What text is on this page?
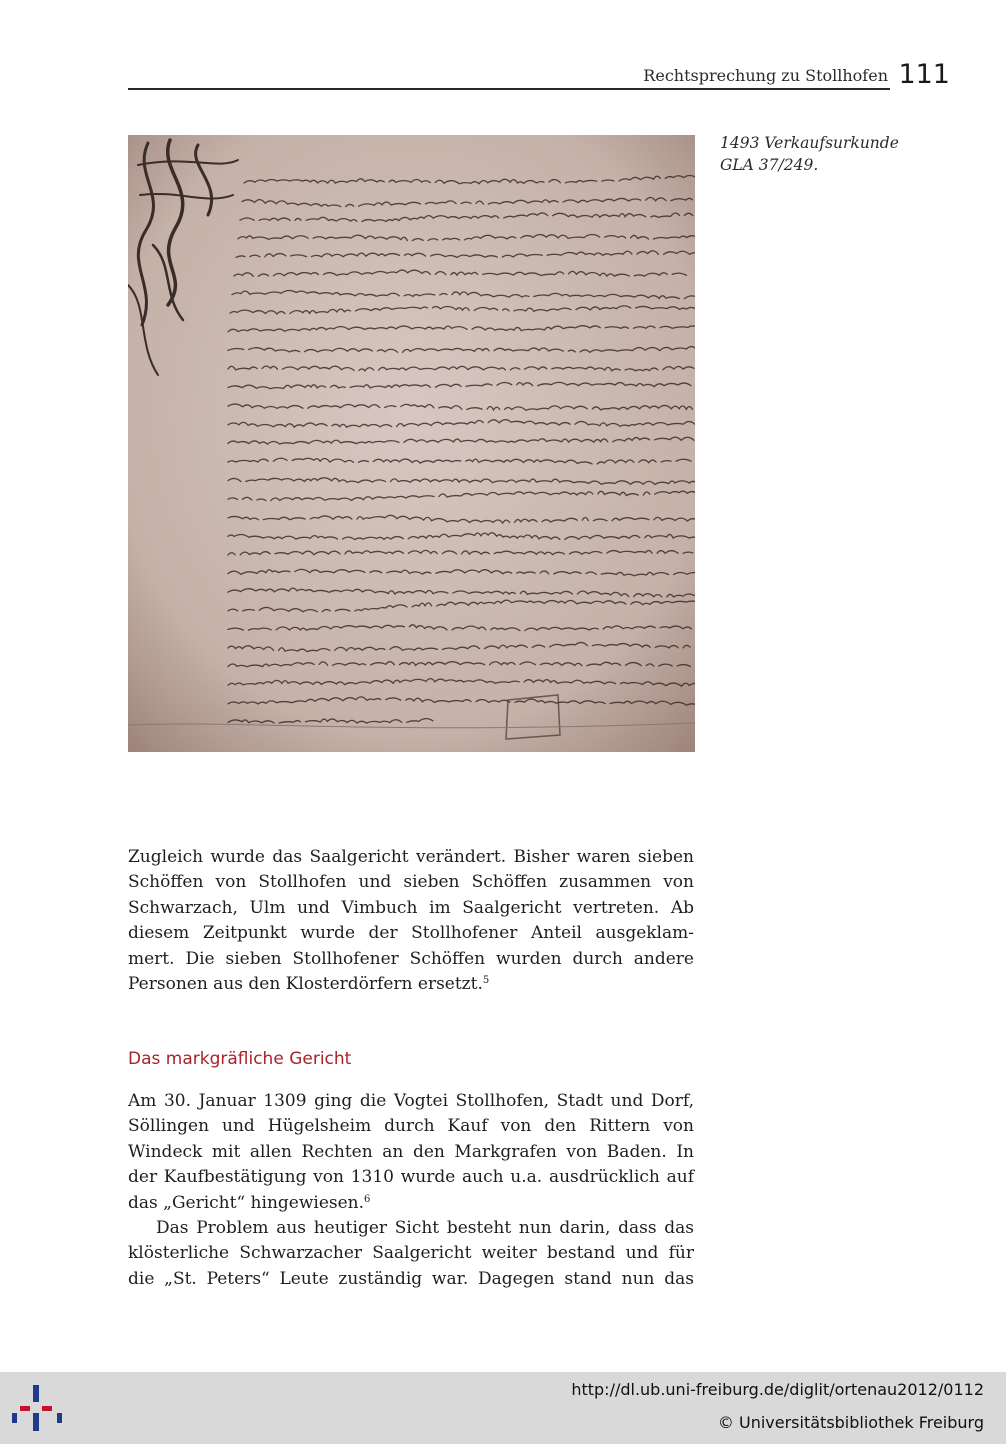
Rechtsprechung zu Stollhofen 111
1493 Verkaufsurkunde
GLA 37/249.
Zugleich wurde das Saalgericht verändert. Bisher waren sieben
Schöffen von Stollhofen und sieben Schöffen zusammen von
Schwarzach, Ulm und Vimbuch im Saalgericht vertreten. Ab
diesem Zeitpunkt wurde der Stollhofener Anteil ausgeklam-
mert. Die sieben Stollhofener Schöffen wurden durch andere
Personen aus den Klosterdörfern ersetzt.$^5$
Das markgräfliche Gericht
Am 30. Januar 1309 ging die Vogtei Stollhofen, Stadt und Dorf,
Söllingen und Hügelsheim durch Kauf von den Rittern von
Windeck mit allen Rechten an den Markgrafen von Baden. In
der Kaufbestätigung von 1310 wurde auch u.a. ausdrücklich auf
das „Gericht“ hingewiesen.$^6$
Das Problem aus heutiger Sicht besteht nun darin, dass das
klösterliche Schwarzacher Saalgericht weiter bestand und für
die „St. Peters“ Leute zuständig war. Dagegen stand nun das
http://dl.ub.uni-freiburg.de/diglit/ortenau2012/0112
© Universitätsbibliothek Freiburg
